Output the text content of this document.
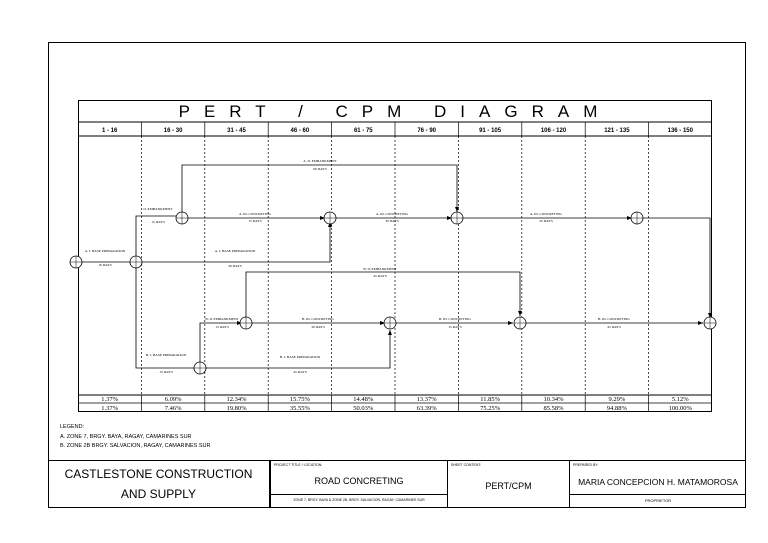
PERT / CPM DIAGRAM
1 - 16	16 - 30	31 - 45	46 - 60	61 - 75	76 - 90	91 - 105	106 - 120	121 - 135	136 - 150
A. I. BASE PREPARATION
16 DAYS
A. II. EMBANKMENT
60 DAYS
II. EMBANKMENT
15 DAYS
A. III. CONCRETING
15 DAYS
A. III. CONCRETING
30 DAYS
A. III. CONCRETING
45 DAYS
A. I. BASE PREPARATION
30 DAYS
B. II. EMBANKMENT
45 DAYS
B. II. EMBANKMENT
15 DAYS
B. III. CONCRETING
30 DAYS
B. III. CONCRETING
15 DAYS
B. III. CONCRETING
45 DAYS
B. I. BASE PREPARATION
15 DAYS
B. I. BASE PREPARATION
45 DAYS
1.37%	6.09%	12.34%	15.75%	14.48%	13.37%	11.85%	10.34%	9.29%	5.12%
1.37%	7.46%	19.80%	35.55%	50.03%	63.39%	75.25%	85.58%	94.88%	100.00%
LEGEND:
A. ZONE 7, BRGY. BAYA, RAGAY, CAMARINES SUR
B. ZONE 2B BRGY. SALVACION, RAGAY, CAMARINES SUR
CASTLESTONE CONSTRUCTION AND SUPPLY
PROJECT TITLE / LOCATION:
ROAD CONCRETING
ZONE 7, BRGY. BAYA & ZONE 2B, BRGY. SALVACION, RAGAY, CAMARINES SUR
SHEET CONTENT:
PERT/CPM
PREPARED BY:
MARIA CONCEPCION H. MATAMOROSA
PROPRIETOR
